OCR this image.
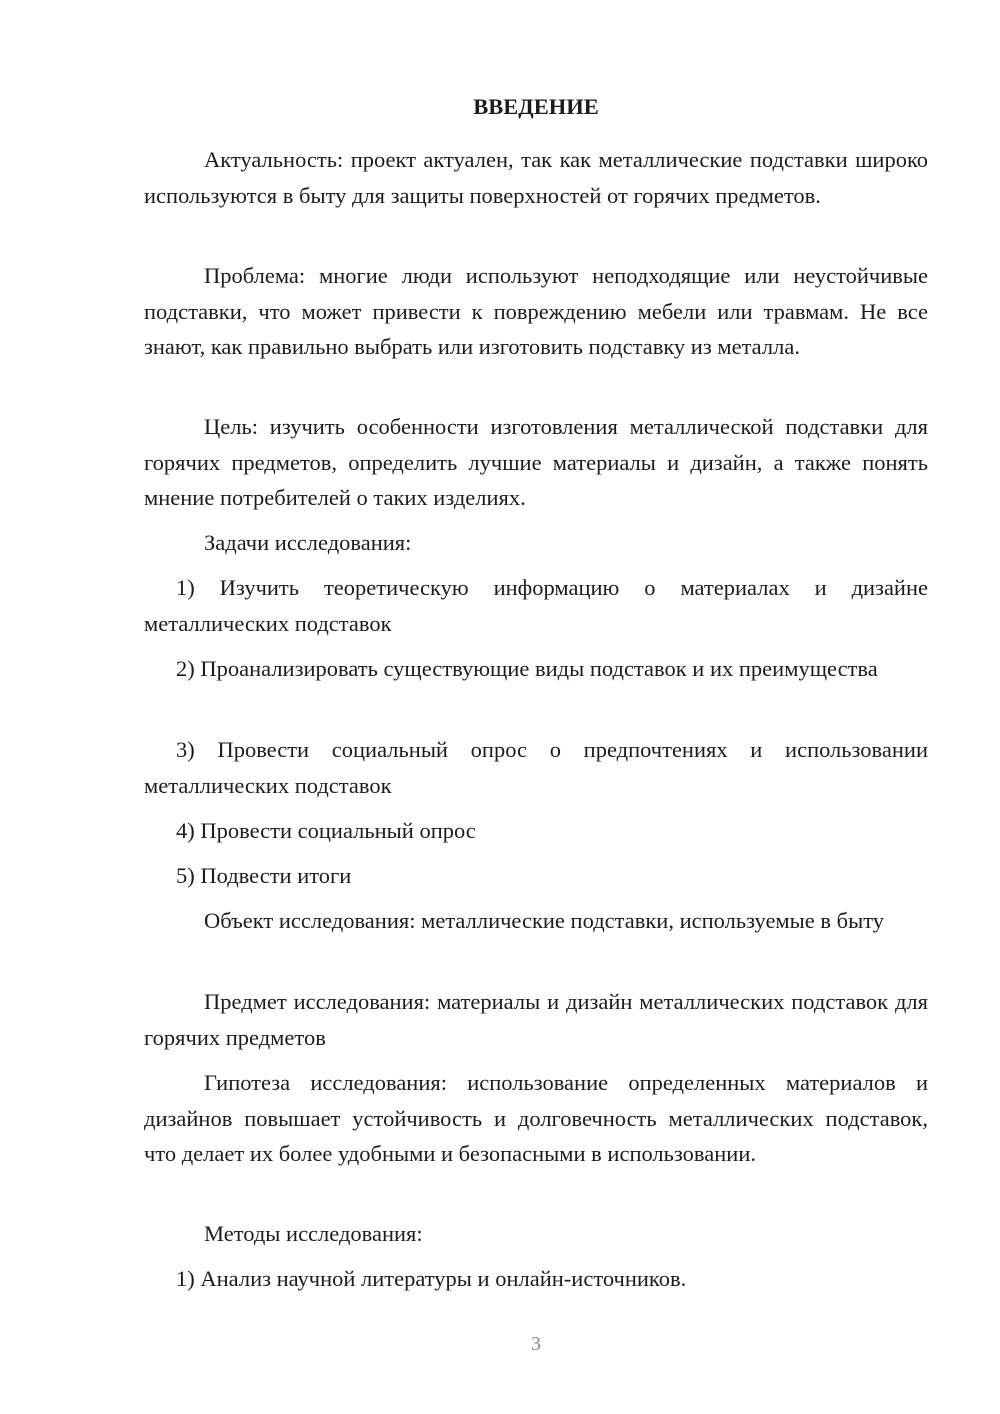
ВВЕДЕНИЕ

Актуальность: проект актуален, так как металлические подставки широко используются в быту для защиты поверхностей от горячих предметов.

Проблема: многие люди используют неподходящие или неустойчивые подставки, что может привести к повреждению мебели или травмам. Не все знают, как правильно выбрать или изготовить подставку из металла.

Цель: изучить особенности изготовления металлической подставки для горячих предметов, определить лучшие материалы и дизайн, а также понять мнение потребителей о таких изделиях.

Задачи исследования:

1) Изучить теоретическую информацию о материалах и дизайне металлических подставок

2) Проанализировать существующие виды подставок и их преимущества

3) Провести социальный опрос о предпочтениях и использовании металлических подставок

4) Провести социальный опрос

5) Подвести итоги

Объект исследования: металлические подставки, используемые в быту

Предмет исследования: материалы и дизайн металлических подставок для горячих предметов

Гипотеза исследования: использование определенных материалов и дизайнов повышает устойчивость и долговечность металлических подставок, что делает их более удобными и безопасными в использовании.

Методы исследования:

1) Анализ научной литературы и онлайн-источников.

3
